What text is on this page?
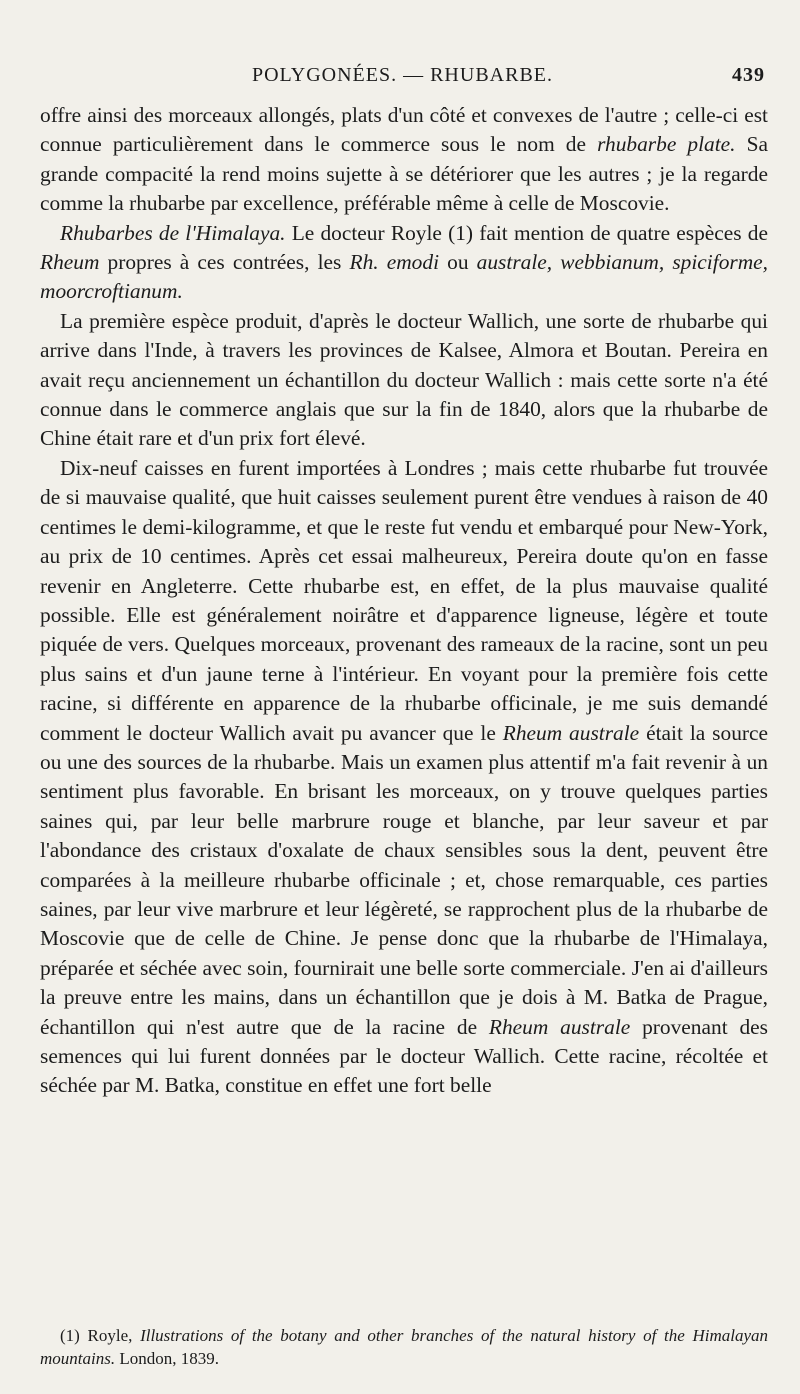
POLYGONÉES. — RHUBARBE.	439

offre ainsi des morceaux allongés, plats d'un côté et convexes de l'autre ; celle-ci est connue particulièrement dans le commerce sous le nom de rhubarbe plate. Sa grande compacité la rend moins sujette à se détériorer que les autres ; je la regarde comme la rhubarbe par excellence, préférable même à celle de Moscovie.

Rhubarbes de l'Himalaya. Le docteur Royle (1) fait mention de quatre espèces de Rheum propres à ces contrées, les Rh. emodi ou australe, webbianum, spiciforme, moorcroftianum.

La première espèce produit, d'après le docteur Wallich, une sorte de rhubarbe qui arrive dans l'Inde, à travers les provinces de Kalsee, Almora et Boutan. Pereira en avait reçu anciennement un échantillon du docteur Wallich : mais cette sorte n'a été connue dans le commerce anglais que sur la fin de 1840, alors que la rhubarbe de Chine était rare et d'un prix fort élevé.

Dix-neuf caisses en furent importées à Londres ; mais cette rhubarbe fut trouvée de si mauvaise qualité, que huit caisses seulement purent être vendues à raison de 40 centimes le demi-kilogramme, et que le reste fut vendu et embarqué pour New-York, au prix de 10 centimes. Après cet essai malheureux, Pereira doute qu'on en fasse revenir en Angleterre. Cette rhubarbe est, en effet, de la plus mauvaise qualité possible. Elle est généralement noirâtre et d'apparence ligneuse, légère et toute piquée de vers. Quelques morceaux, provenant des rameaux de la racine, sont un peu plus sains et d'un jaune terne à l'intérieur. En voyant pour la première fois cette racine, si différente en apparence de la rhubarbe officinale, je me suis demandé comment le docteur Wallich avait pu avancer que le Rheum australe était la source ou une des sources de la rhubarbe. Mais un examen plus attentif m'a fait revenir à un sentiment plus favorable. En brisant les morceaux, on y trouve quelques parties saines qui, par leur belle marbrure rouge et blanche, par leur saveur et par l'abondance des cristaux d'oxalate de chaux sensibles sous la dent, peuvent être comparées à la meilleure rhubarbe officinale ; et, chose remarquable, ces parties saines, par leur vive marbrure et leur légèreté, se rapprochent plus de la rhubarbe de Moscovie que de celle de Chine. Je pense donc que la rhubarbe de l'Himalaya, préparée et séchée avec soin, fournirait une belle sorte commerciale. J'en ai d'ailleurs la preuve entre les mains, dans un échantillon que je dois à M. Batka de Prague, échantillon qui n'est autre que de la racine de Rheum australe provenant des semences qui lui furent données par le docteur Wallich. Cette racine, récoltée et séchée par M. Batka, constitue en effet une fort belle

(1) Royle, Illustrations of the botany and other branches of the natural history of the Himalayan mountains. London, 1839.
